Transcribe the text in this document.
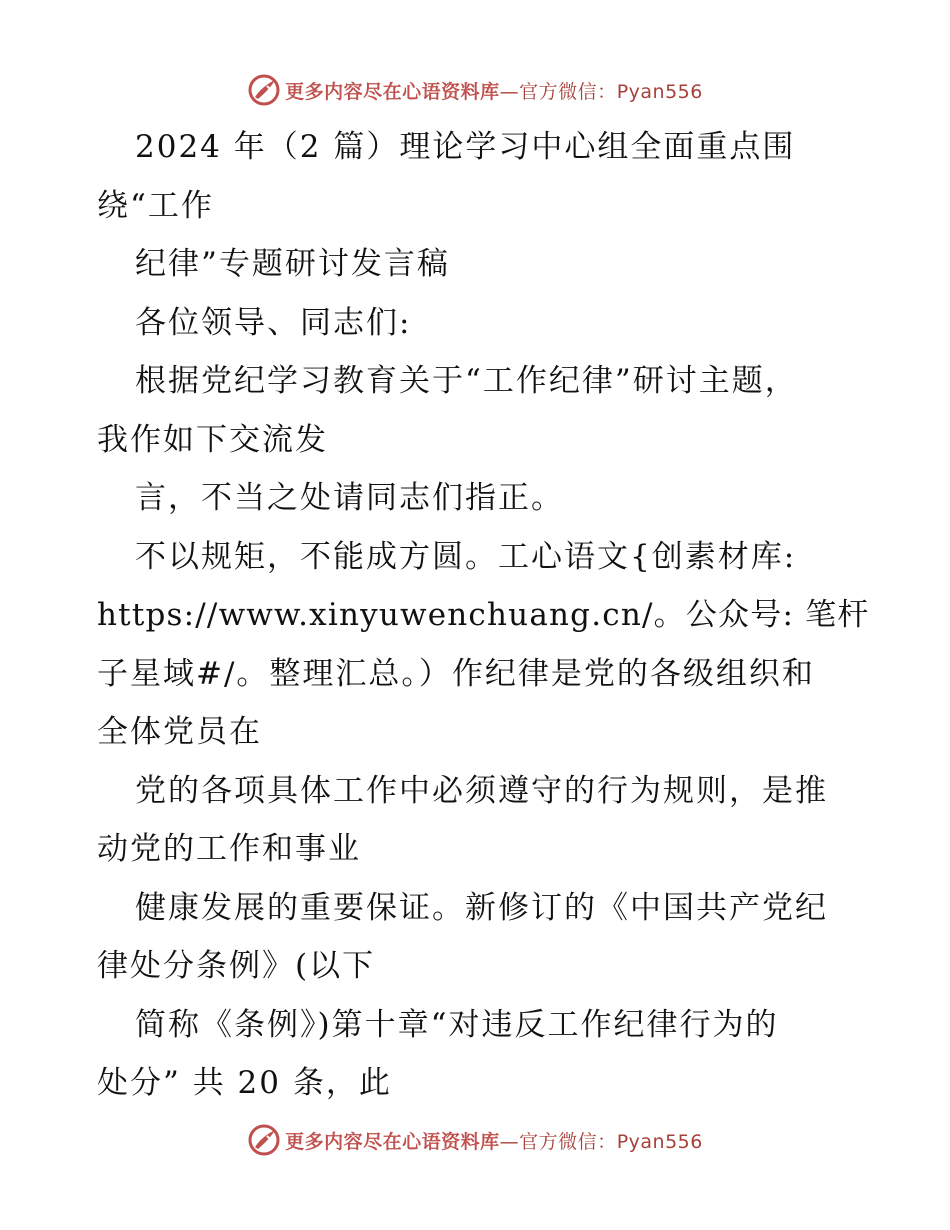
更多内容尽在心语资料库—官方微信：Pyan556
2024 年（2 篇）理论学习中心组全面重点围
绕“工作
纪律”专题研讨发言稿
各位领导、同志们:
根据党纪学习教育关于“工作纪律”研讨主题，
我作如下交流发
言，不当之处请同志们指正。
不以规矩，不能成方圆。工心语文{创素材库:
https://www.xinyuwenchuang.cn/。公众号: 笔杆
子星域#/。整理汇总。）作纪律是党的各级组织和
全体党员在
党的各项具体工作中必须遵守的行为规则，是推
动党的工作和事业
健康发展的重要保证。新修订的《中国共产党纪
律处分条例》(以下
简称《条例》)第十章“对违反工作纪律行为的
处分” 共 20 条，此
更多内容尽在心语资料库—官方微信：Pyan556
